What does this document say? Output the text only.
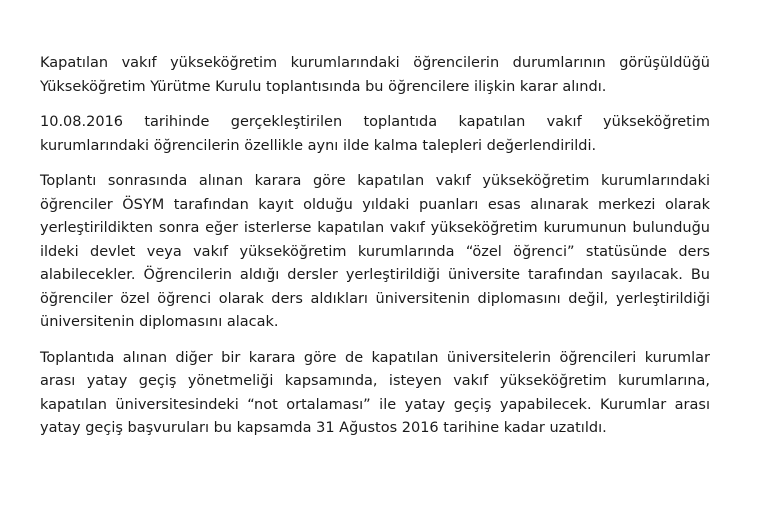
Kapatılan vakıf yükseköğretim kurumlarındaki öğrencilerin durumlarının görüşüldüğü Yükseköğretim Yürütme Kurulu toplantısında bu öğrencilere ilişkin karar alındı.

10.08.2016 tarihinde gerçekleştirilen toplantıda kapatılan vakıf yükseköğretim kurumlarındaki öğrencilerin özellikle aynı ilde kalma talepleri değerlendirildi.

Toplantı sonrasında alınan karara göre kapatılan vakıf yükseköğretim kurumlarındaki öğrenciler ÖSYM tarafından kayıt olduğu yıldaki puanları esas alınarak merkezi olarak yerleştirildikten sonra eğer isterlerse kapatılan vakıf yükseköğretim kurumunun bulunduğu ildeki devlet veya vakıf yükseköğretim kurumlarında “özel öğrenci” statüsünde ders alabilecekler. Öğrencilerin aldığı dersler yerleştirildiği üniversite tarafından sayılacak. Bu öğrenciler özel öğrenci olarak ders aldıkları üniversitenin diplomasını değil, yerleştirildiği üniversitenin diplomasını alacak.

Toplantıda alınan diğer bir karara göre de kapatılan üniversitelerin öğrencileri kurumlar arası yatay geçiş yönetmeliği kapsamında, isteyen vakıf yükseköğretim kurumlarına, kapatılan üniversitesindeki “not ortalaması” ile yatay geçiş yapabilecek. Kurumlar arası yatay geçiş başvuruları bu kapsamda 31 Ağustos 2016 tarihine kadar uzatıldı.
